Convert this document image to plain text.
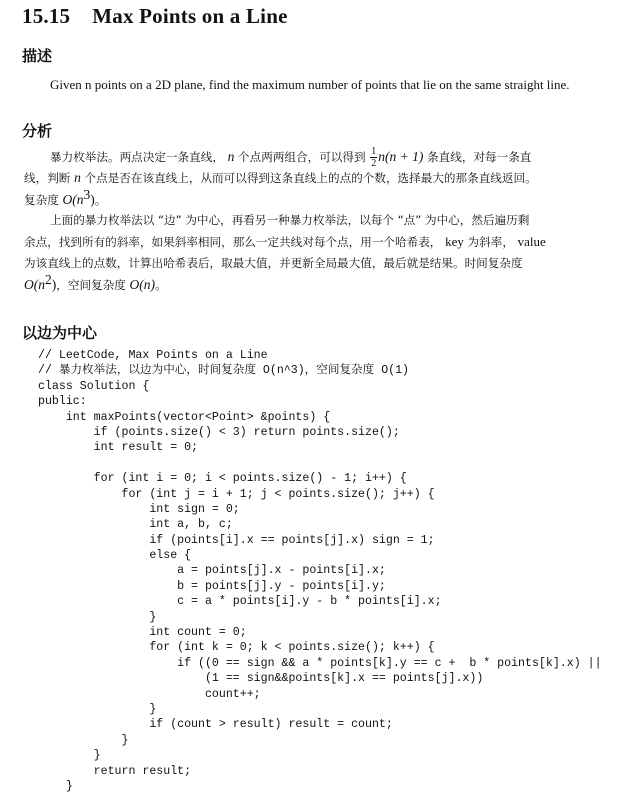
15.15 Max Points on a Line
描述
Given n points on a 2D plane, find the maximum number of points that lie on the same straight line.
分析
暴力枚举法。两点决定一条直线， n 个点两两组合，可以得到 $\frac{1}{2} n(n + 1)$ 条直线，对每一条直
线，判断 n 个点是否在该直线上，从而可以得到这条直线上的点的个数，选择最大的那条直线返回。
复杂度 $O(n^3)$。
上面的暴力枚举法以 “边” 为中心，再看另一种暴力枚举法，以每个 “点” 为中心，然后遍历剩
余点，找到所有的斜率，如果斜率相同，那么一定共线对每个点，用一个哈希表， key 为斜率， value
为该直线上的点数，计算出哈希表后，取最大值，并更新全局最大值，最后就是结果。时间复杂度
$O(n^2)$，空间复杂度 O(n)。
以边为中心
// LeetCode, Max Points on a Line
// 暴力枚举法，以边为中心，时间复杂度 O(n^3)，空间复杂度 O(1)
class Solution {
public:
int maxPoints(vector<Point> &points) {
if (points.size() < 3) return points.size();
int result = 0;
for (int i = 0; i < points.size() - 1; i++) {
for (int j = i + 1; j < points.size(); j++) {
int sign = 0;
int a, b, c;
if (points[i].x == points[j].x) sign = 1;
else {
a = points[j].x - points[i].x;
b = points[j].y - points[i].y;
c = a * points[i].y - b * points[i].x;
}
int count = 0;
for (int k = 0; k < points.size(); k++) {
if ((0 == sign && a * points[k].y == c +  b * points[k].x) ||
(1 == sign&&points[k].x == points[j].x))
count++;
}
if (count > result) result = count;
}
}
return result;
}
